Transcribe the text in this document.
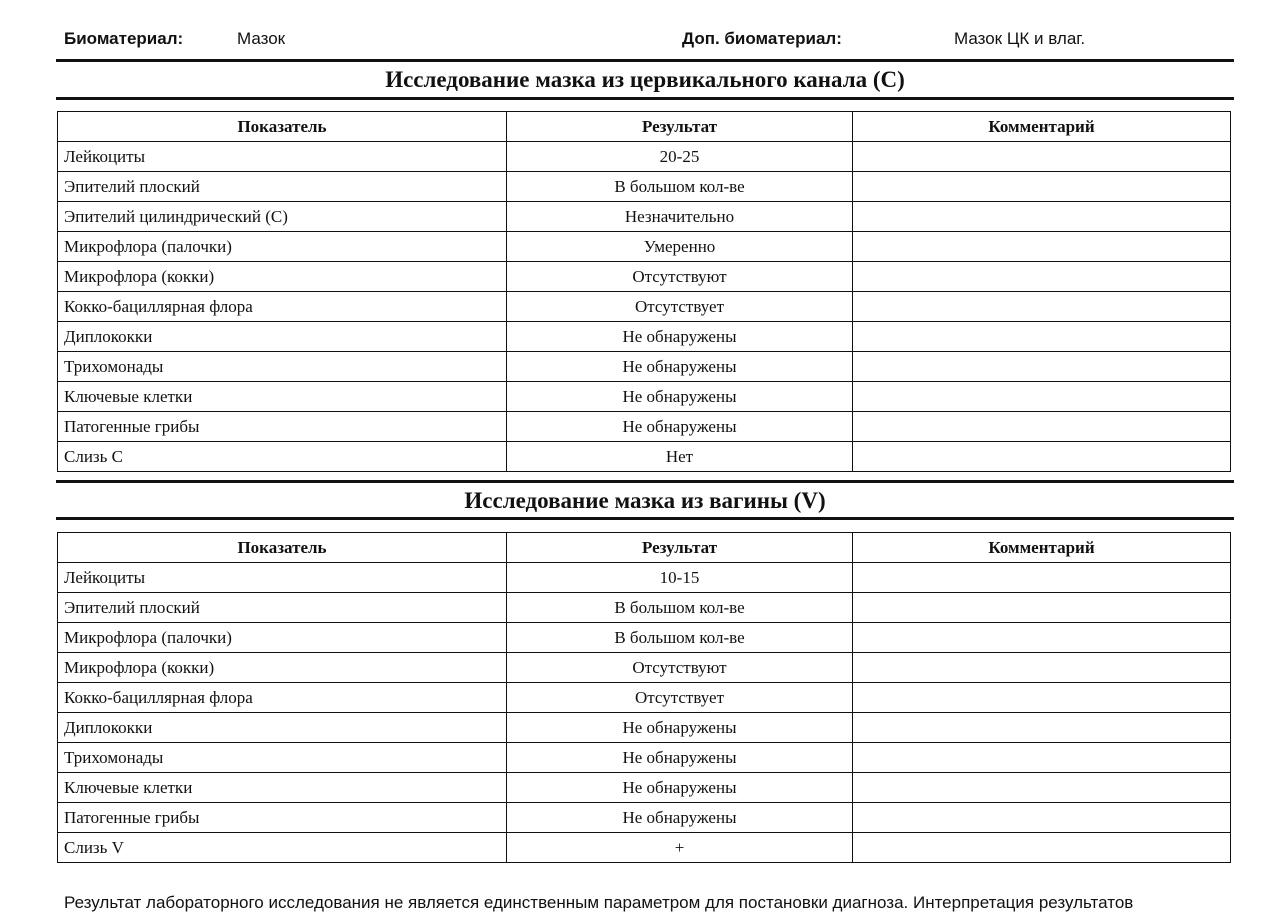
Биоматериал:	Мазок	Доп. биоматериал:	Мазок ЦК и влаг.
Исследование мазка из цервикального канала (C)
Показатель	Результат	Комментарий
Лейкоциты	20-25	
Эпителий плоский	В большом кол-ве	
Эпителий цилиндрический (C)	Незначительно	
Микрофлора (палочки)	Умеренно	
Микрофлора (кокки)	Отсутствуют	
Кокко-бациллярная флора	Отсутствует	
Диплококки	Не обнаружены	
Трихомонады	Не обнаружены	
Ключевые клетки	Не обнаружены	
Патогенные грибы	Не обнаружены	
Слизь C	Нет	
Исследование мазка из вагины (V)
Показатель	Результат	Комментарий
Лейкоциты	10-15	
Эпителий плоский	В большом кол-ве	
Микрофлора (палочки)	В большом кол-ве	
Микрофлора (кокки)	Отсутствуют	
Кокко-бациллярная флора	Отсутствует	
Диплококки	Не обнаружены	
Трихомонады	Не обнаружены	
Ключевые клетки	Не обнаружены	
Патогенные грибы	Не обнаружены	
Слизь V	+	
Результат лабораторного исследования не является единственным параметром для постановки диагноза. Интерпретация результатов
